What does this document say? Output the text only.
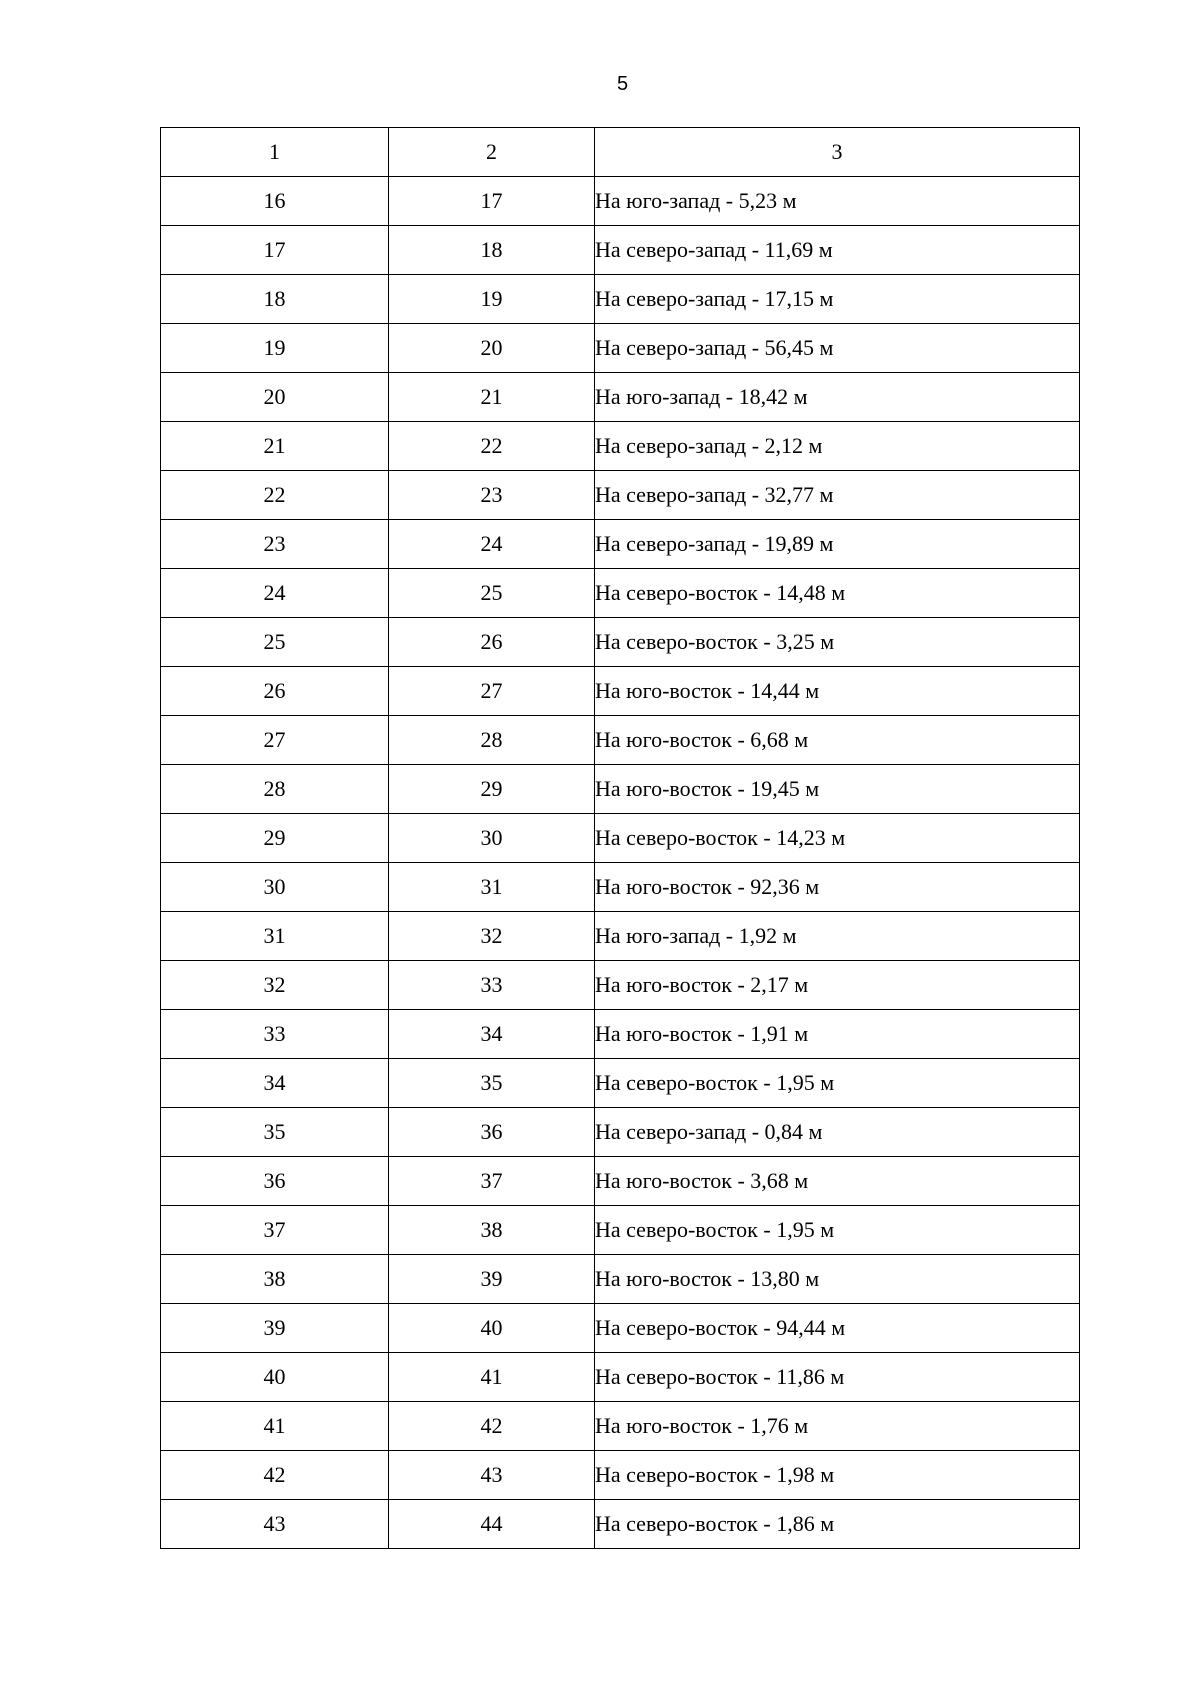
5
1	2	3
16	17	На юго-запад - 5,23 м
17	18	На северо-запад - 11,69 м
18	19	На северо-запад - 17,15 м
19	20	На северо-запад - 56,45 м
20	21	На юго-запад - 18,42 м
21	22	На северо-запад - 2,12 м
22	23	На северо-запад - 32,77 м
23	24	На северо-запад - 19,89 м
24	25	На северо-восток - 14,48 м
25	26	На северо-восток - 3,25 м
26	27	На юго-восток - 14,44 м
27	28	На юго-восток - 6,68 м
28	29	На юго-восток - 19,45 м
29	30	На северо-восток - 14,23 м
30	31	На юго-восток - 92,36 м
31	32	На юго-запад - 1,92 м
32	33	На юго-восток - 2,17 м
33	34	На юго-восток - 1,91 м
34	35	На северо-восток - 1,95 м
35	36	На северо-запад - 0,84 м
36	37	На юго-восток - 3,68 м
37	38	На северо-восток - 1,95 м
38	39	На юго-восток - 13,80 м
39	40	На северо-восток - 94,44 м
40	41	На северо-восток - 11,86 м
41	42	На юго-восток - 1,76 м
42	43	На северо-восток - 1,98 м
43	44	На северо-восток - 1,86 м
